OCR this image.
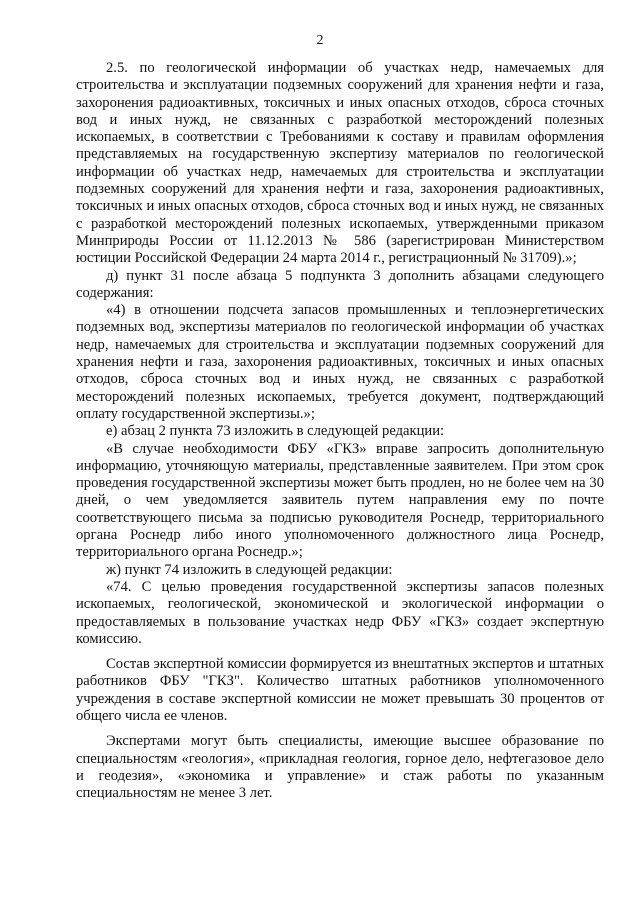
2

2.5. по геологической информации об участках недр, намечаемых для строительства и эксплуатации подземных сооружений для хранения нефти и газа, захоронения радиоактивных, токсичных и иных опасных отходов, сброса сточных вод и иных нужд, не связанных с разработкой месторождений полезных ископаемых, в соответствии с Требованиями к составу и правилам оформления представляемых на государственную экспертизу материалов по геологической информации об участках недр, намечаемых для строительства и эксплуатации подземных сооружений для хранения нефти и газа, захоронения радиоактивных, токсичных и иных опасных отходов, сброса сточных вод и иных нужд, не связанных с разработкой месторождений полезных ископаемых, утвержденными приказом Минприроды России от 11.12.2013 № 586 (зарегистрирован Министерством юстиции Российской Федерации 24 марта 2014 г., регистрационный № 31709).»;

д) пункт 31 после абзаца 5 подпункта 3 дополнить абзацами следующего содержания:

«4) в отношении подсчета запасов промышленных и теплоэнергетических подземных вод, экспертизы материалов по геологической информации об участках недр, намечаемых для строительства и эксплуатации подземных сооружений для хранения нефти и газа, захоронения радиоактивных, токсичных и иных опасных отходов, сброса сточных вод и иных нужд, не связанных с разработкой месторождений полезных ископаемых, требуется документ, подтверждающий оплату государственной экспертизы.»;

е) абзац 2 пункта 73 изложить в следующей редакции:

«В случае необходимости ФБУ «ГКЗ» вправе запросить дополнительную информацию, уточняющую материалы, представленные заявителем. При этом срок проведения государственной экспертизы может быть продлен, но не более чем на 30 дней, о чем уведомляется заявитель путем направления ему по почте соответствующего письма за подписью руководителя Роснедр, территориального органа Роснедр либо иного уполномоченного должностного лица Роснедр, территориального органа Роснедр.»;

ж) пункт 74 изложить в следующей редакции:

«74. С целью проведения государственной экспертизы запасов полезных ископаемых, геологической, экономической и экологической информации о предоставляемых в пользование участках недр ФБУ «ГКЗ» создает экспертную комиссию.

Состав экспертной комиссии формируется из внештатных экспертов и штатных работников ФБУ "ГКЗ". Количество штатных работников уполномоченного учреждения в составе экспертной комиссии не может превышать 30 процентов от общего числа ее членов.

Экспертами могут быть специалисты, имеющие высшее образование по специальностям «геология», «прикладная геология, горное дело, нефтегазовое дело и геодезия», «экономика и управление» и стаж работы по указанным специальностям не менее 3 лет.
